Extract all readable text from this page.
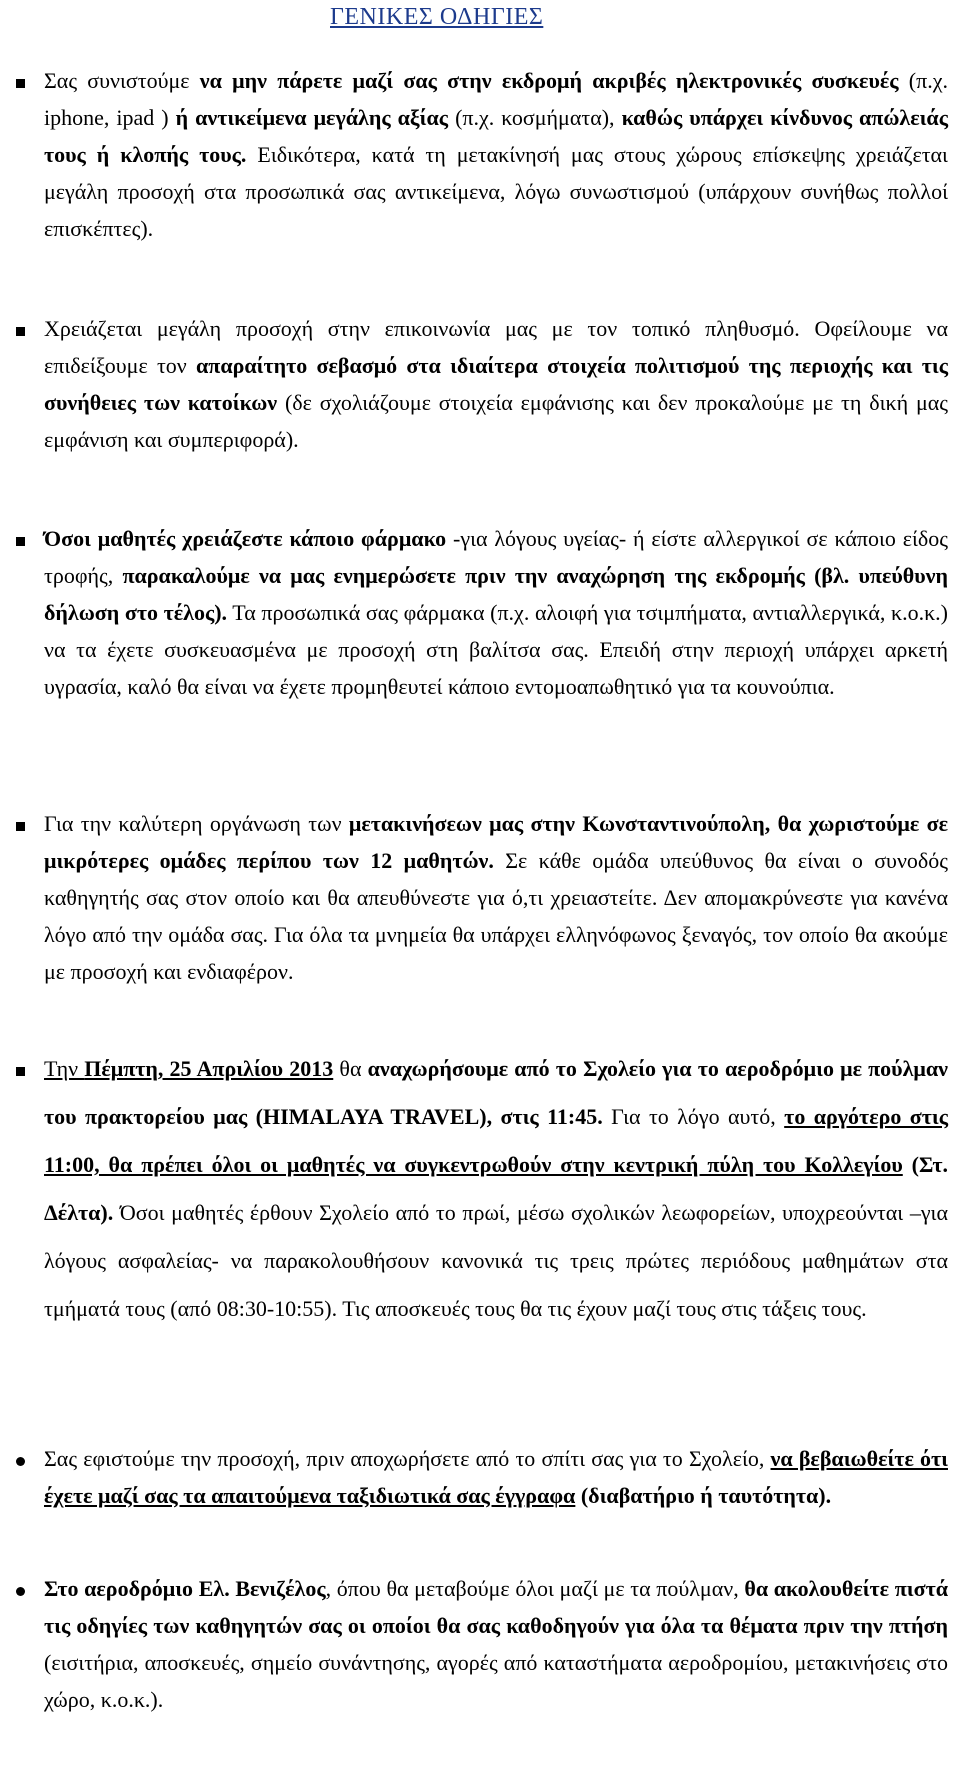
ΓΕΝΙΚΕΣ ΟΔΗΓΙΕΣ
Σας συνιστούμε να μην πάρετε μαζί σας στην εκδρομή ακριβές ηλεκτρονικές συσκευές (π.χ. iphone, ipad ) ή αντικείμενα μεγάλης αξίας (π.χ. κοσμήματα), καθώς υπάρχει κίνδυνος απώλειάς τους ή κλοπής τους. Ειδικότερα, κατά τη μετακίνησή μας στους χώρους επίσκεψης χρειάζεται μεγάλη προσοχή στα προσωπικά σας αντικείμενα, λόγω συνωστισμού (υπάρχουν συνήθως πολλοί επισκέπτες).
Χρειάζεται μεγάλη προσοχή στην επικοινωνία μας με τον τοπικό πληθυσμό. Οφείλουμε να επιδείξουμε τον απαραίτητο σεβασμό στα ιδιαίτερα στοιχεία πολιτισμού της περιοχής και τις συνήθειες των κατοίκων (δε σχολιάζουμε στοιχεία εμφάνισης και δεν προκαλούμε με τη δική μας εμφάνιση και συμπεριφορά).
Όσοι μαθητές χρειάζεστε κάποιο φάρμακο -για λόγους υγείας- ή είστε αλλεργικοί σε κάποιο είδος τροφής, παρακαλούμε να μας ενημερώσετε πριν την αναχώρηση της εκδρομής (βλ. υπεύθυνη δήλωση στο τέλος). Τα προσωπικά σας φάρμακα (π.χ. αλοιφή για τσιμπήματα, αντιαλλεργικά, κ.ο.κ.) να τα έχετε συσκευασμένα με προσοχή στη βαλίτσα σας. Επειδή στην περιοχή υπάρχει αρκετή υγρασία, καλό θα είναι να έχετε προμηθευτεί κάποιο εντομοαπωθητικό για τα κουνούπια.
Για την καλύτερη οργάνωση των μετακινήσεων μας στην Κωνσταντινούπολη, θα χωριστούμε σε μικρότερες ομάδες περίπου των 12 μαθητών. Σε κάθε ομάδα υπεύθυνος θα είναι ο συνοδός καθηγητής σας στον οποίο και θα απευθύνεστε για ό,τι χρειαστείτε. Δεν απομακρύνεστε για κανένα λόγο από την ομάδα σας. Για όλα τα μνημεία θα υπάρχει ελληνόφωνος ξεναγός, τον οποίο θα ακούμε με προσοχή και ενδιαφέρον.
Την Πέμπτη, 25 Απριλίου 2013 θα αναχωρήσουμε από το Σχολείο για το αεροδρόμιο με πούλμαν του πρακτορείου μας (HIMALAYA TRAVEL), στις 11:45. Για το λόγο αυτό, το αργότερο στις 11:00, θα πρέπει όλοι οι μαθητές να συγκεντρωθούν στην κεντρική πύλη του Κολλεγίου (Στ. Δέλτα). Όσοι μαθητές έρθουν Σχολείο από το πρωί, μέσω σχολικών λεωφορείων, υποχρεούνται –για λόγους ασφαλείας- να παρακολουθήσουν κανονικά τις τρεις πρώτες περιόδους μαθημάτων στα τμήματά τους (από 08:30-10:55). Τις αποσκευές τους θα τις έχουν μαζί τους στις τάξεις τους.
Σας εφιστούμε την προσοχή, πριν αποχωρήσετε από το σπίτι σας για το Σχολείο, να βεβαιωθείτε ότι έχετε μαζί σας τα απαιτούμενα ταξιδιωτικά σας έγγραφα (διαβατήριο ή ταυτότητα).
Στο αεροδρόμιο Ελ. Βενιζέλος, όπου θα μεταβούμε όλοι μαζί με τα πούλμαν, θα ακολουθείτε πιστά τις οδηγίες των καθηγητών σας οι οποίοι θα σας καθοδηγούν για όλα τα θέματα πριν την πτήση (εισιτήρια, αποσκευές, σημείο συνάντησης, αγορές από καταστήματα αεροδρομίου, μετακινήσεις στο χώρο, κ.ο.κ.).
